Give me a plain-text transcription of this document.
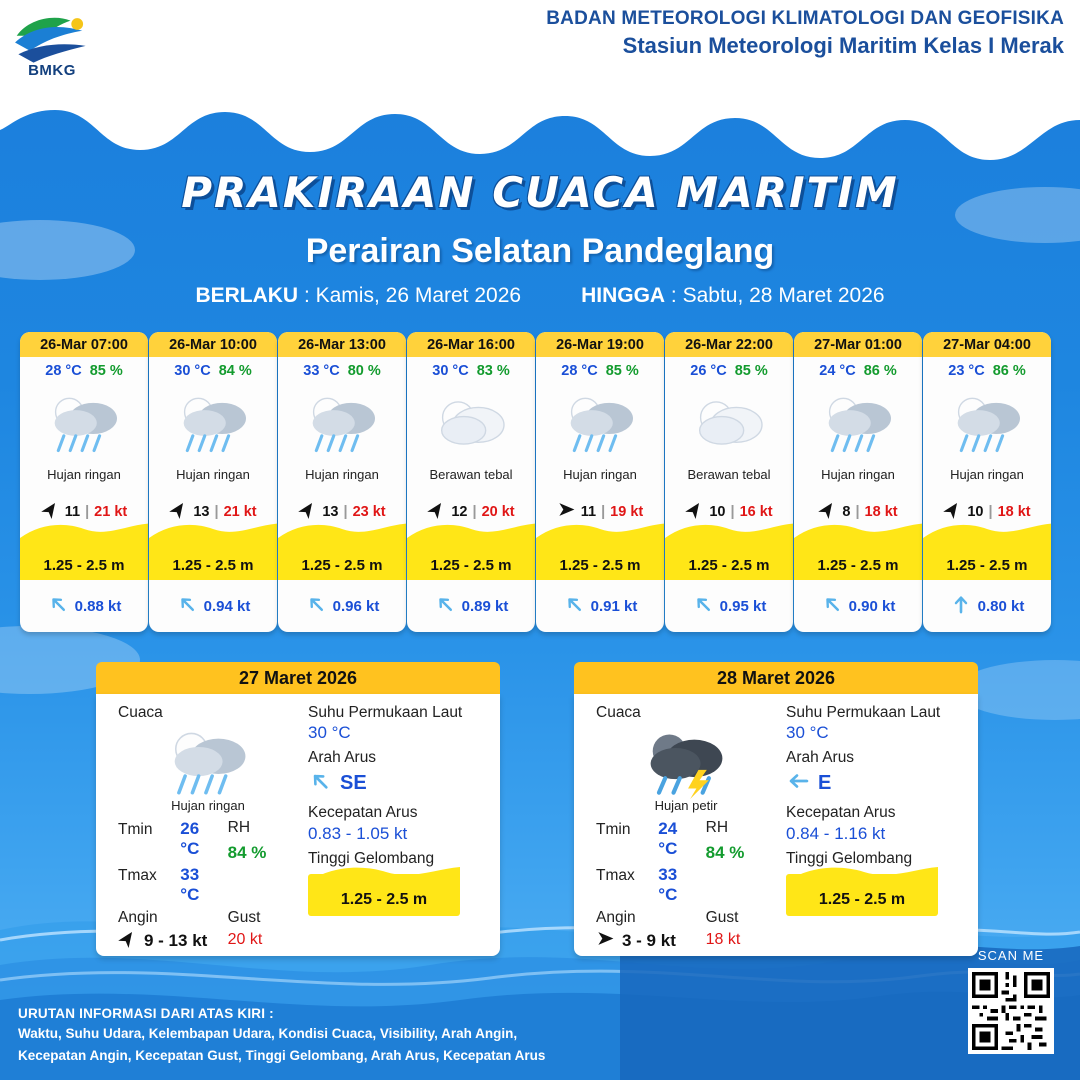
BMKG
BADAN METEOROLOGI KLIMATOLOGI DAN GEOFISIKA
Stasiun Meteorologi Maritim Kelas I Merak
PRAKIRAAN CUACA MARITIM
Perairan Selatan Pandeglang
BERLAKU : Kamis, 26 Maret 2026	HINGGA : Sabtu, 28 Maret 2026
26-Mar 07:00
28 °C 85 %
Hujan ringan
11 | 21 kt
1.25 - 2.5 m
0.88 kt
26-Mar 10:00
30 °C 84 %
Hujan ringan
13 | 21 kt
1.25 - 2.5 m
0.94 kt
26-Mar 13:00
33 °C 80 %
Hujan ringan
13 | 23 kt
1.25 - 2.5 m
0.96 kt
26-Mar 16:00
30 °C 83 %
Berawan tebal
12 | 20 kt
1.25 - 2.5 m
0.89 kt
26-Mar 19:00
28 °C 85 %
Hujan ringan
11 | 19 kt
1.25 - 2.5 m
0.91 kt
26-Mar 22:00
26 °C 85 %
Berawan tebal
10 | 16 kt
1.25 - 2.5 m
0.95 kt
27-Mar 01:00
24 °C 86 %
Hujan ringan
8 | 18 kt
1.25 - 2.5 m
0.90 kt
27-Mar 04:00
23 °C 86 %
Hujan ringan
10 | 18 kt
1.25 - 2.5 m
0.80 kt
27 Maret 2026
Cuaca
Hujan ringan
Tmin	26 °C
Tmax	33 °C
RH
84 %
Angin
9 - 13 kt
Gust
20 kt
Suhu Permukaan Laut
30 °C
Arah Arus
SE
Kecepatan Arus
0.83 - 1.05 kt
Tinggi Gelombang
1.25 - 2.5 m
28 Maret 2026
Cuaca
Hujan petir
Tmin	24 °C
Tmax	33 °C
RH
84 %
Angin
3 - 9 kt
Gust
18 kt
Suhu Permukaan Laut
30 °C
Arah Arus
E
Kecepatan Arus
0.84 - 1.16 kt
Tinggi Gelombang
1.25 - 2.5 m
URUTAN INFORMASI DARI ATAS KIRI :
Waktu, Suhu Udara, Kelembapan Udara, Kondisi Cuaca, Visibility, Arah Angin,
Kecepatan Angin, Kecepatan Gust, Tinggi Gelombang, Arah Arus, Kecepatan Arus
SCAN ME
